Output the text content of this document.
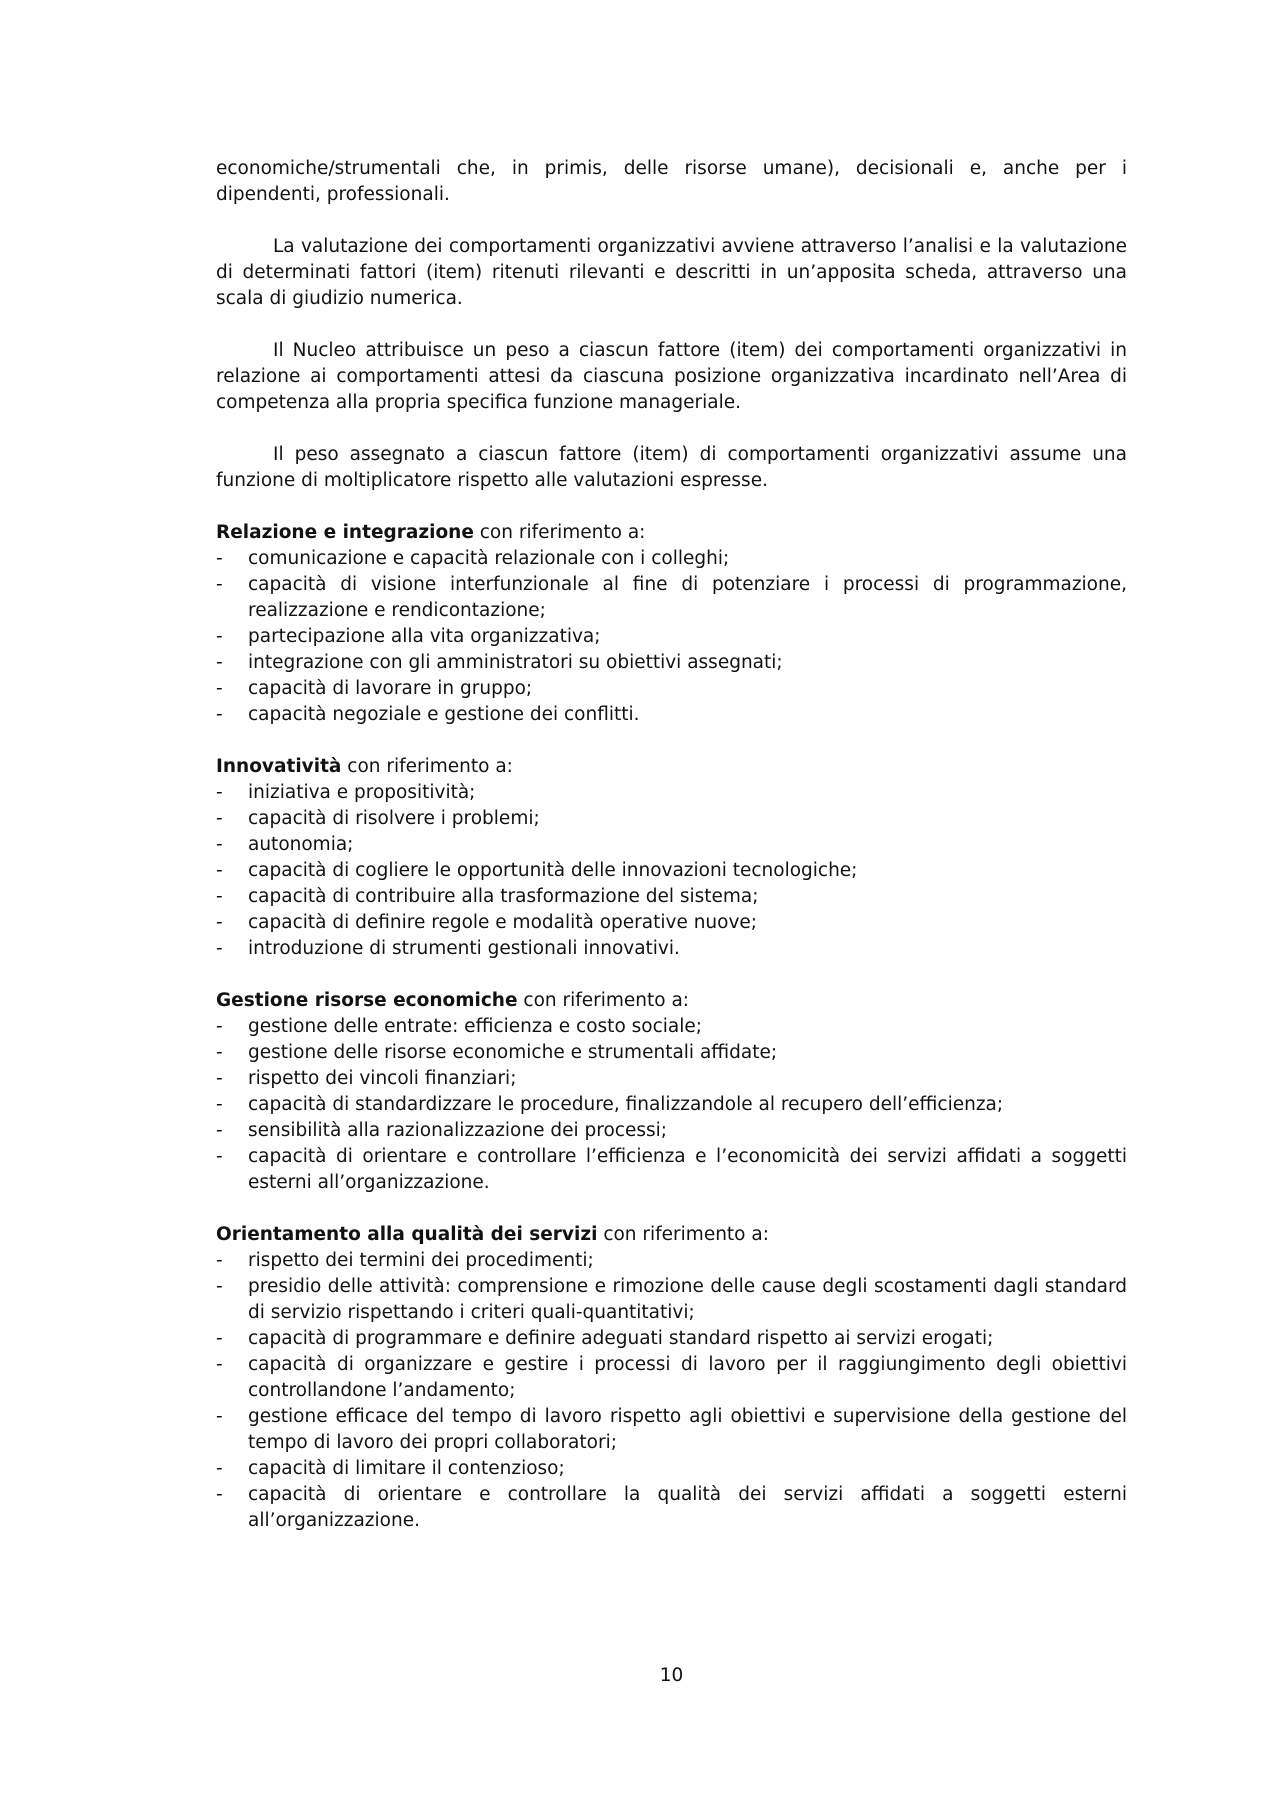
economiche/strumentali che, in primis, delle risorse umane), decisionali e, anche per i dipendenti, professionali.

La valutazione dei comportamenti organizzativi avviene attraverso l’analisi e la valutazione di determinati fattori (item) ritenuti rilevanti e descritti in un’apposita scheda, attraverso una scala di giudizio numerica.

Il Nucleo attribuisce un peso a ciascun fattore (item) dei comportamenti organizzativi in relazione ai comportamenti attesi da ciascuna posizione organizzativa incardinato nell’Area di competenza alla propria specifica funzione manageriale.

Il peso assegnato a ciascun fattore (item) di comportamenti organizzativi assume una funzione di moltiplicatore rispetto alle valutazioni espresse.

Relazione e integrazione con riferimento a:
-	comunicazione e capacità relazionale con i colleghi;
-	capacità di visione interfunzionale al fine di potenziare i processi di programmazione, realizzazione e rendicontazione;
-	partecipazione alla vita organizzativa;
-	integrazione con gli amministratori su obiettivi assegnati;
-	capacità di lavorare in gruppo;
-	capacità negoziale e gestione dei conflitti.
Innovatività con riferimento a:
-	iniziativa e propositività;
-	capacità di risolvere i problemi;
-	autonomia;
-	capacità di cogliere le opportunità delle innovazioni tecnologiche;
-	capacità di contribuire alla trasformazione del sistema;
-	capacità di definire regole e modalità operative nuove;
-	introduzione di strumenti gestionali innovativi.
Gestione risorse economiche con riferimento a:
-	gestione delle entrate: efficienza e costo sociale;
-	gestione delle risorse economiche e strumentali affidate;
-	rispetto dei vincoli finanziari;
-	capacità di standardizzare le procedure, finalizzandole al recupero dell’efficienza;
-	sensibilità alla razionalizzazione dei processi;
-	capacità di orientare e controllare l’efficienza e l’economicità dei servizi affidati a soggetti esterni all’organizzazione.
Orientamento alla qualità dei servizi con riferimento a:
-	rispetto dei termini dei procedimenti;
-	presidio delle attività: comprensione e rimozione delle cause degli scostamenti dagli standard di servizio rispettando i criteri quali-quantitativi;
-	capacità di programmare e definire adeguati standard rispetto ai servizi erogati;
-	capacità di organizzare e gestire i processi di lavoro per il raggiungimento degli obiettivi controllandone l’andamento;
-	gestione efficace del tempo di lavoro rispetto agli obiettivi e supervisione della gestione del tempo di lavoro dei propri collaboratori;
-	capacità di limitare il contenzioso;
-	capacità di orientare e controllare la qualità dei servizi affidati a soggetti esterni all’organizzazione.
10
